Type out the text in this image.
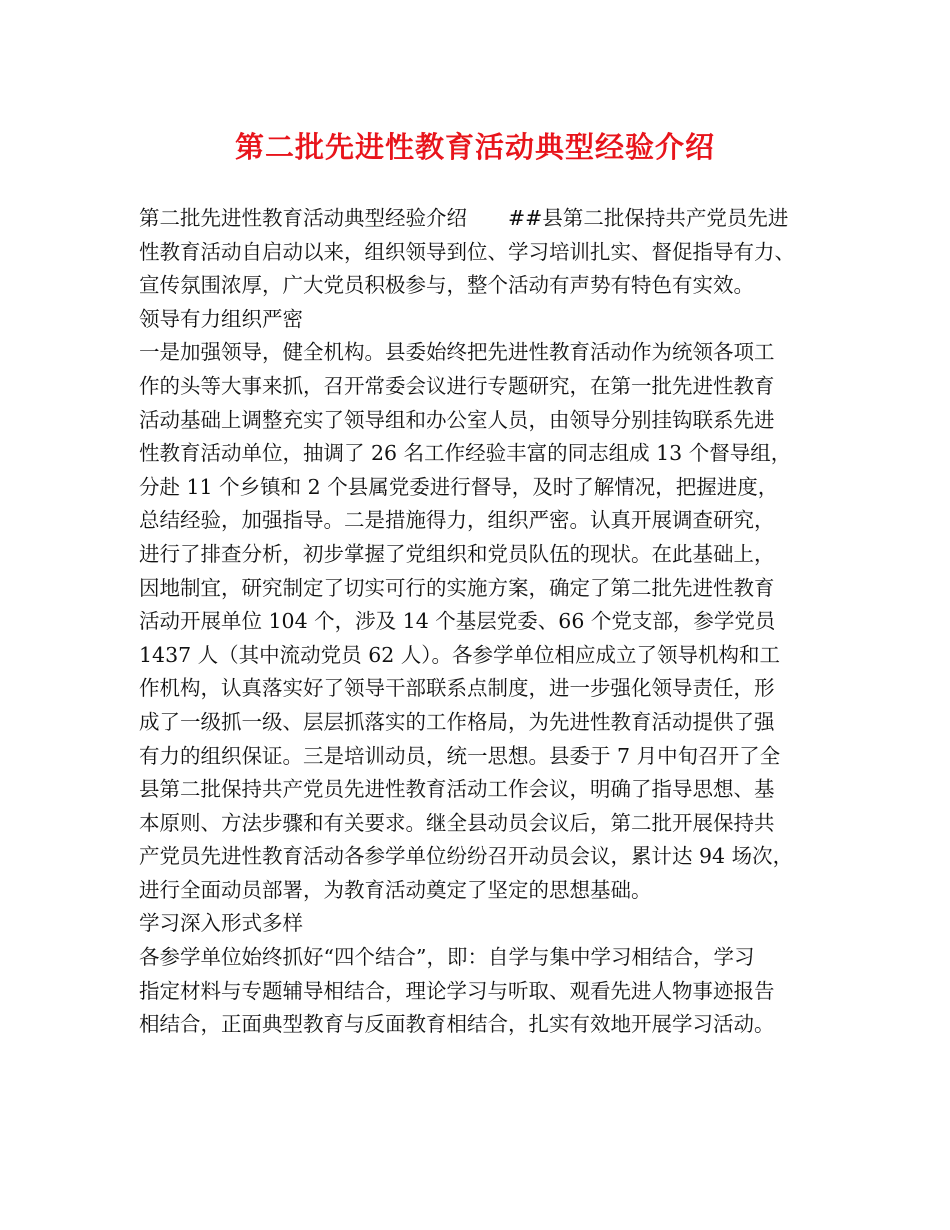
第二批先进性教育活动典型经验介绍
第二批先进性教育活动典型经验介绍　　##县第二批保持共产党员先进
性教育活动自启动以来，组织领导到位、学习培训扎实、督促指导有力、
宣传氛围浓厚，广大党员积极参与，整个活动有声势有特色有实效。
领导有力组织严密
一是加强领导，健全机构。县委始终把先进性教育活动作为统领各项工
作的头等大事来抓，召开常委会议进行专题研究，在第一批先进性教育
活动基础上调整充实了领导组和办公室人员，由领导分别挂钩联系先进
性教育活动单位，抽调了 26 名工作经验丰富的同志组成 13 个督导组，
分赴 11 个乡镇和 2 个县属党委进行督导，及时了解情况，把握进度，
总结经验，加强指导。二是措施得力，组织严密。认真开展调查研究，
进行了排查分析，初步掌握了党组织和党员队伍的现状。在此基础上，
因地制宜，研究制定了切实可行的实施方案，确定了第二批先进性教育
活动开展单位 104 个，涉及 14 个基层党委、66 个党支部，参学党员
1437 人（其中流动党员 62 人）。各参学单位相应成立了领导机构和工
作机构，认真落实好了领导干部联系点制度，进一步强化领导责任，形
成了一级抓一级、层层抓落实的工作格局，为先进性教育活动提供了强
有力的组织保证。三是培训动员，统一思想。县委于 7 月中旬召开了全
县第二批保持共产党员先进性教育活动工作会议，明确了指导思想、基
本原则、方法步骤和有关要求。继全县动员会议后，第二批开展保持共
产党员先进性教育活动各参学单位纷纷召开动员会议，累计达 94 场次，
进行全面动员部署，为教育活动奠定了坚定的思想基础。
学习深入形式多样
各参学单位始终抓好“四个结合”，即：自学与集中学习相结合，学习
指定材料与专题辅导相结合，理论学习与听取、观看先进人物事迹报告
相结合，正面典型教育与反面教育相结合，扎实有效地开展学习活动。
